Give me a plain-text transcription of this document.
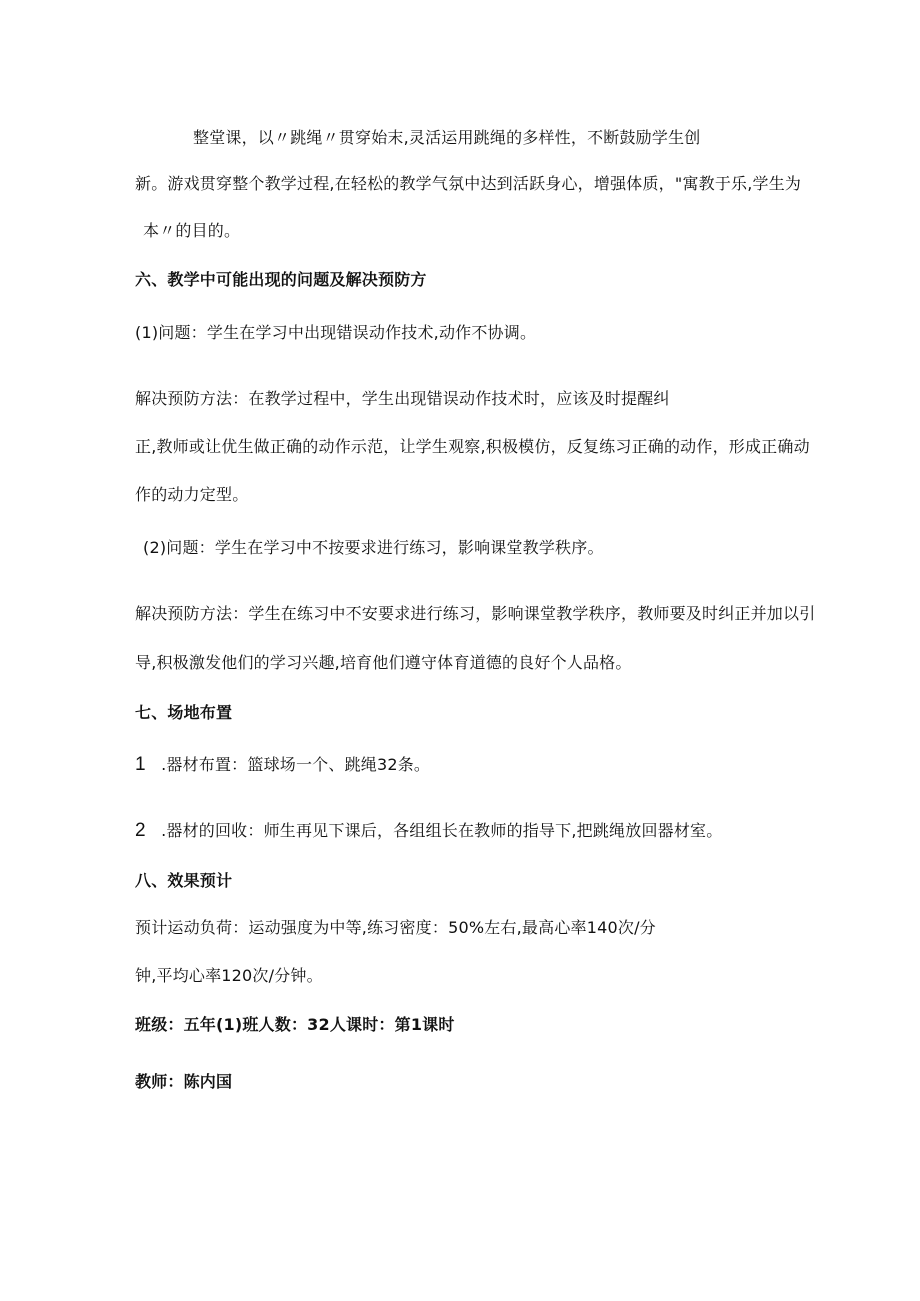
整堂课，以〃跳绳〃贯穿始末,灵活运用跳绳的多样性，不断鼓励学生创
新。游戏贯穿整个教学过程,在轻松的教学气氛中达到活跃身心，增强体质，"寓教于乐,学生为
本〃的目的。
六、教学中可能出现的问题及解决预防方
(1)问题：学生在学习中出现错误动作技术,动作不协调。
解决预防方法：在教学过程中，学生出现错误动作技术时，应该及时提醒纠
正,教师或让优生做正确的动作示范，让学生观察,积极模仿，反复练习正确的动作，形成正确动
作的动力定型。
(2)问题：学生在学习中不按要求进行练习，影响课堂教学秩序。
解决预防方法：学生在练习中不安要求进行练习，影响课堂教学秩序，教师要及时纠正并加以引
导,积极激发他们的学习兴趣,培育他们遵守体育道德的良好个人品格。
七、场地布置
1 .器材布置：篮球场一个、跳绳32条。
2 .器材的回收：师生再见下课后，各组组长在教师的指导下,把跳绳放回器材室。
八、效果预计
预计运动负荷：运动强度为中等,练习密度：50%左右,最高心率140次/分
钟,平均心率120次/分钟。
班级：五年(1)班人数：32人课时：第1课时
教师：陈内国
